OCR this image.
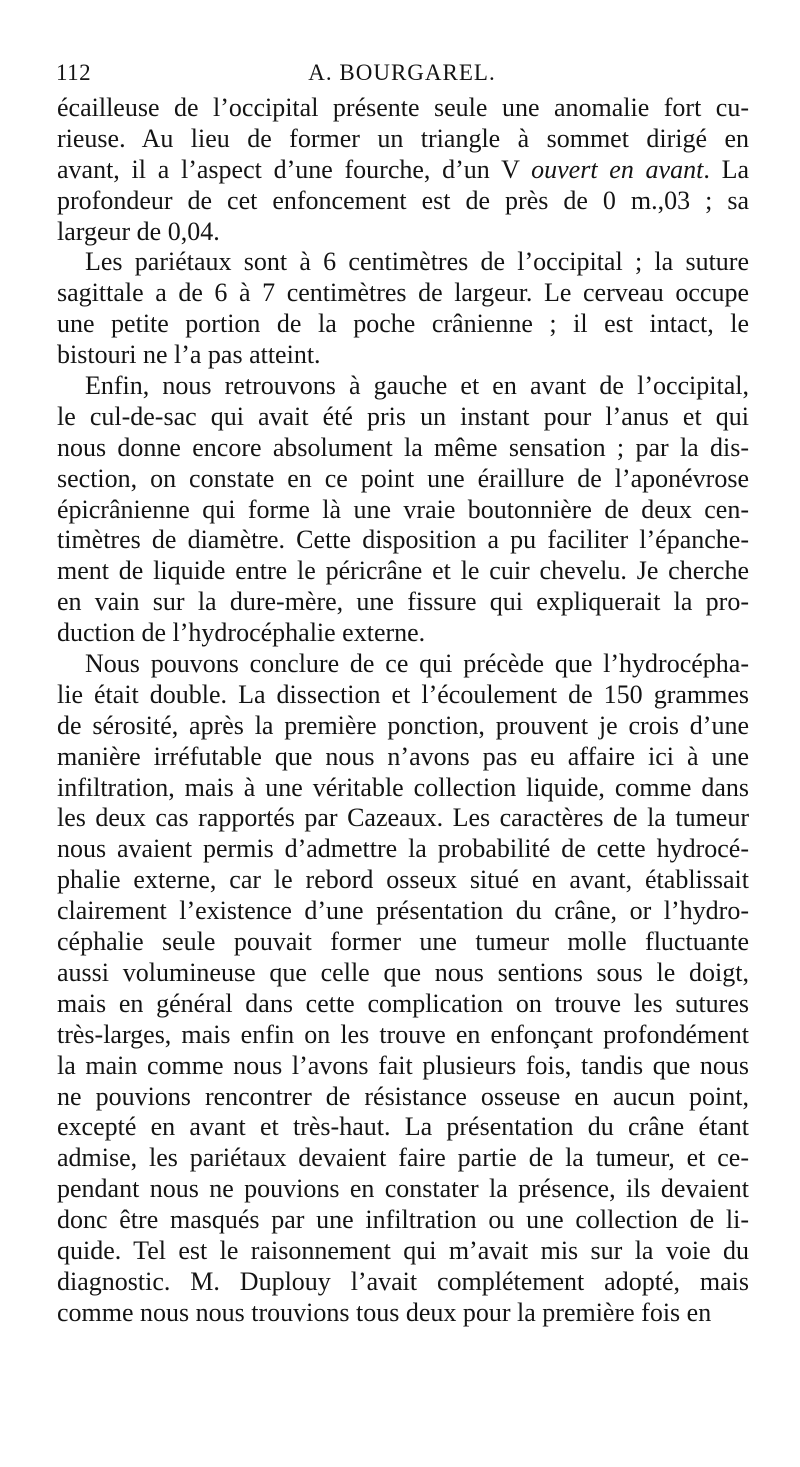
112	A. BOURGAREL.
écailleuse de l’occipital présente seule une anomalie fort cu-
rieuse. Au lieu de former un triangle à sommet dirigé en
avant, il a l’aspect d’une fourche, d’un V ouvert en avant. La
profondeur de cet enfoncement est de près de 0 m.,03 ; sa
largeur de 0,04.
Les pariétaux sont à 6 centimètres de l’occipital ; la suture
sagittale a de 6 à 7 centimètres de largeur. Le cerveau occupe
une petite portion de la poche crânienne ; il est intact, le
bistouri ne l’a pas atteint.
Enfin, nous retrouvons à gauche et en avant de l’occipital,
le cul-de-sac qui avait été pris un instant pour l’anus et qui
nous donne encore absolument la même sensation ; par la dis-
section, on constate en ce point une éraillure de l’aponévrose
épicrânienne qui forme là une vraie boutonnière de deux cen-
timètres de diamètre. Cette disposition a pu faciliter l’épanche-
ment de liquide entre le péricrâne et le cuir chevelu. Je cherche
en vain sur la dure-mère, une fissure qui expliquerait la pro-
duction de l’hydrocéphalie externe.
Nous pouvons conclure de ce qui précède que l’hydrocépha-
lie était double. La dissection et l’écoulement de 150 grammes
de sérosité, après la première ponction, prouvent je crois d’une
manière irréfutable que nous n’avons pas eu affaire ici à une
infiltration, mais à une véritable collection liquide, comme dans
les deux cas rapportés par Cazeaux. Les caractères de la tumeur
nous avaient permis d’admettre la probabilité de cette hydrocé-
phalie externe, car le rebord osseux situé en avant, établissait
clairement l’existence d’une présentation du crâne, or l’hydro-
céphalie seule pouvait former une tumeur molle fluctuante
aussi volumineuse que celle que nous sentions sous le doigt,
mais en général dans cette complication on trouve les sutures
très-larges, mais enfin on les trouve en enfonçant profondément
la main comme nous l’avons fait plusieurs fois, tandis que nous
ne pouvions rencontrer de résistance osseuse en aucun point,
excepté en avant et très-haut. La présentation du crâne étant
admise, les pariétaux devaient faire partie de la tumeur, et ce-
pendant nous ne pouvions en constater la présence, ils devaient
donc être masqués par une infiltration ou une collection de li-
quide. Tel est le raisonnement qui m’avait mis sur la voie du
diagnostic. M. Duplouy l’avait complétement adopté, mais
comme nous nous trouvions tous deux pour la première fois en
